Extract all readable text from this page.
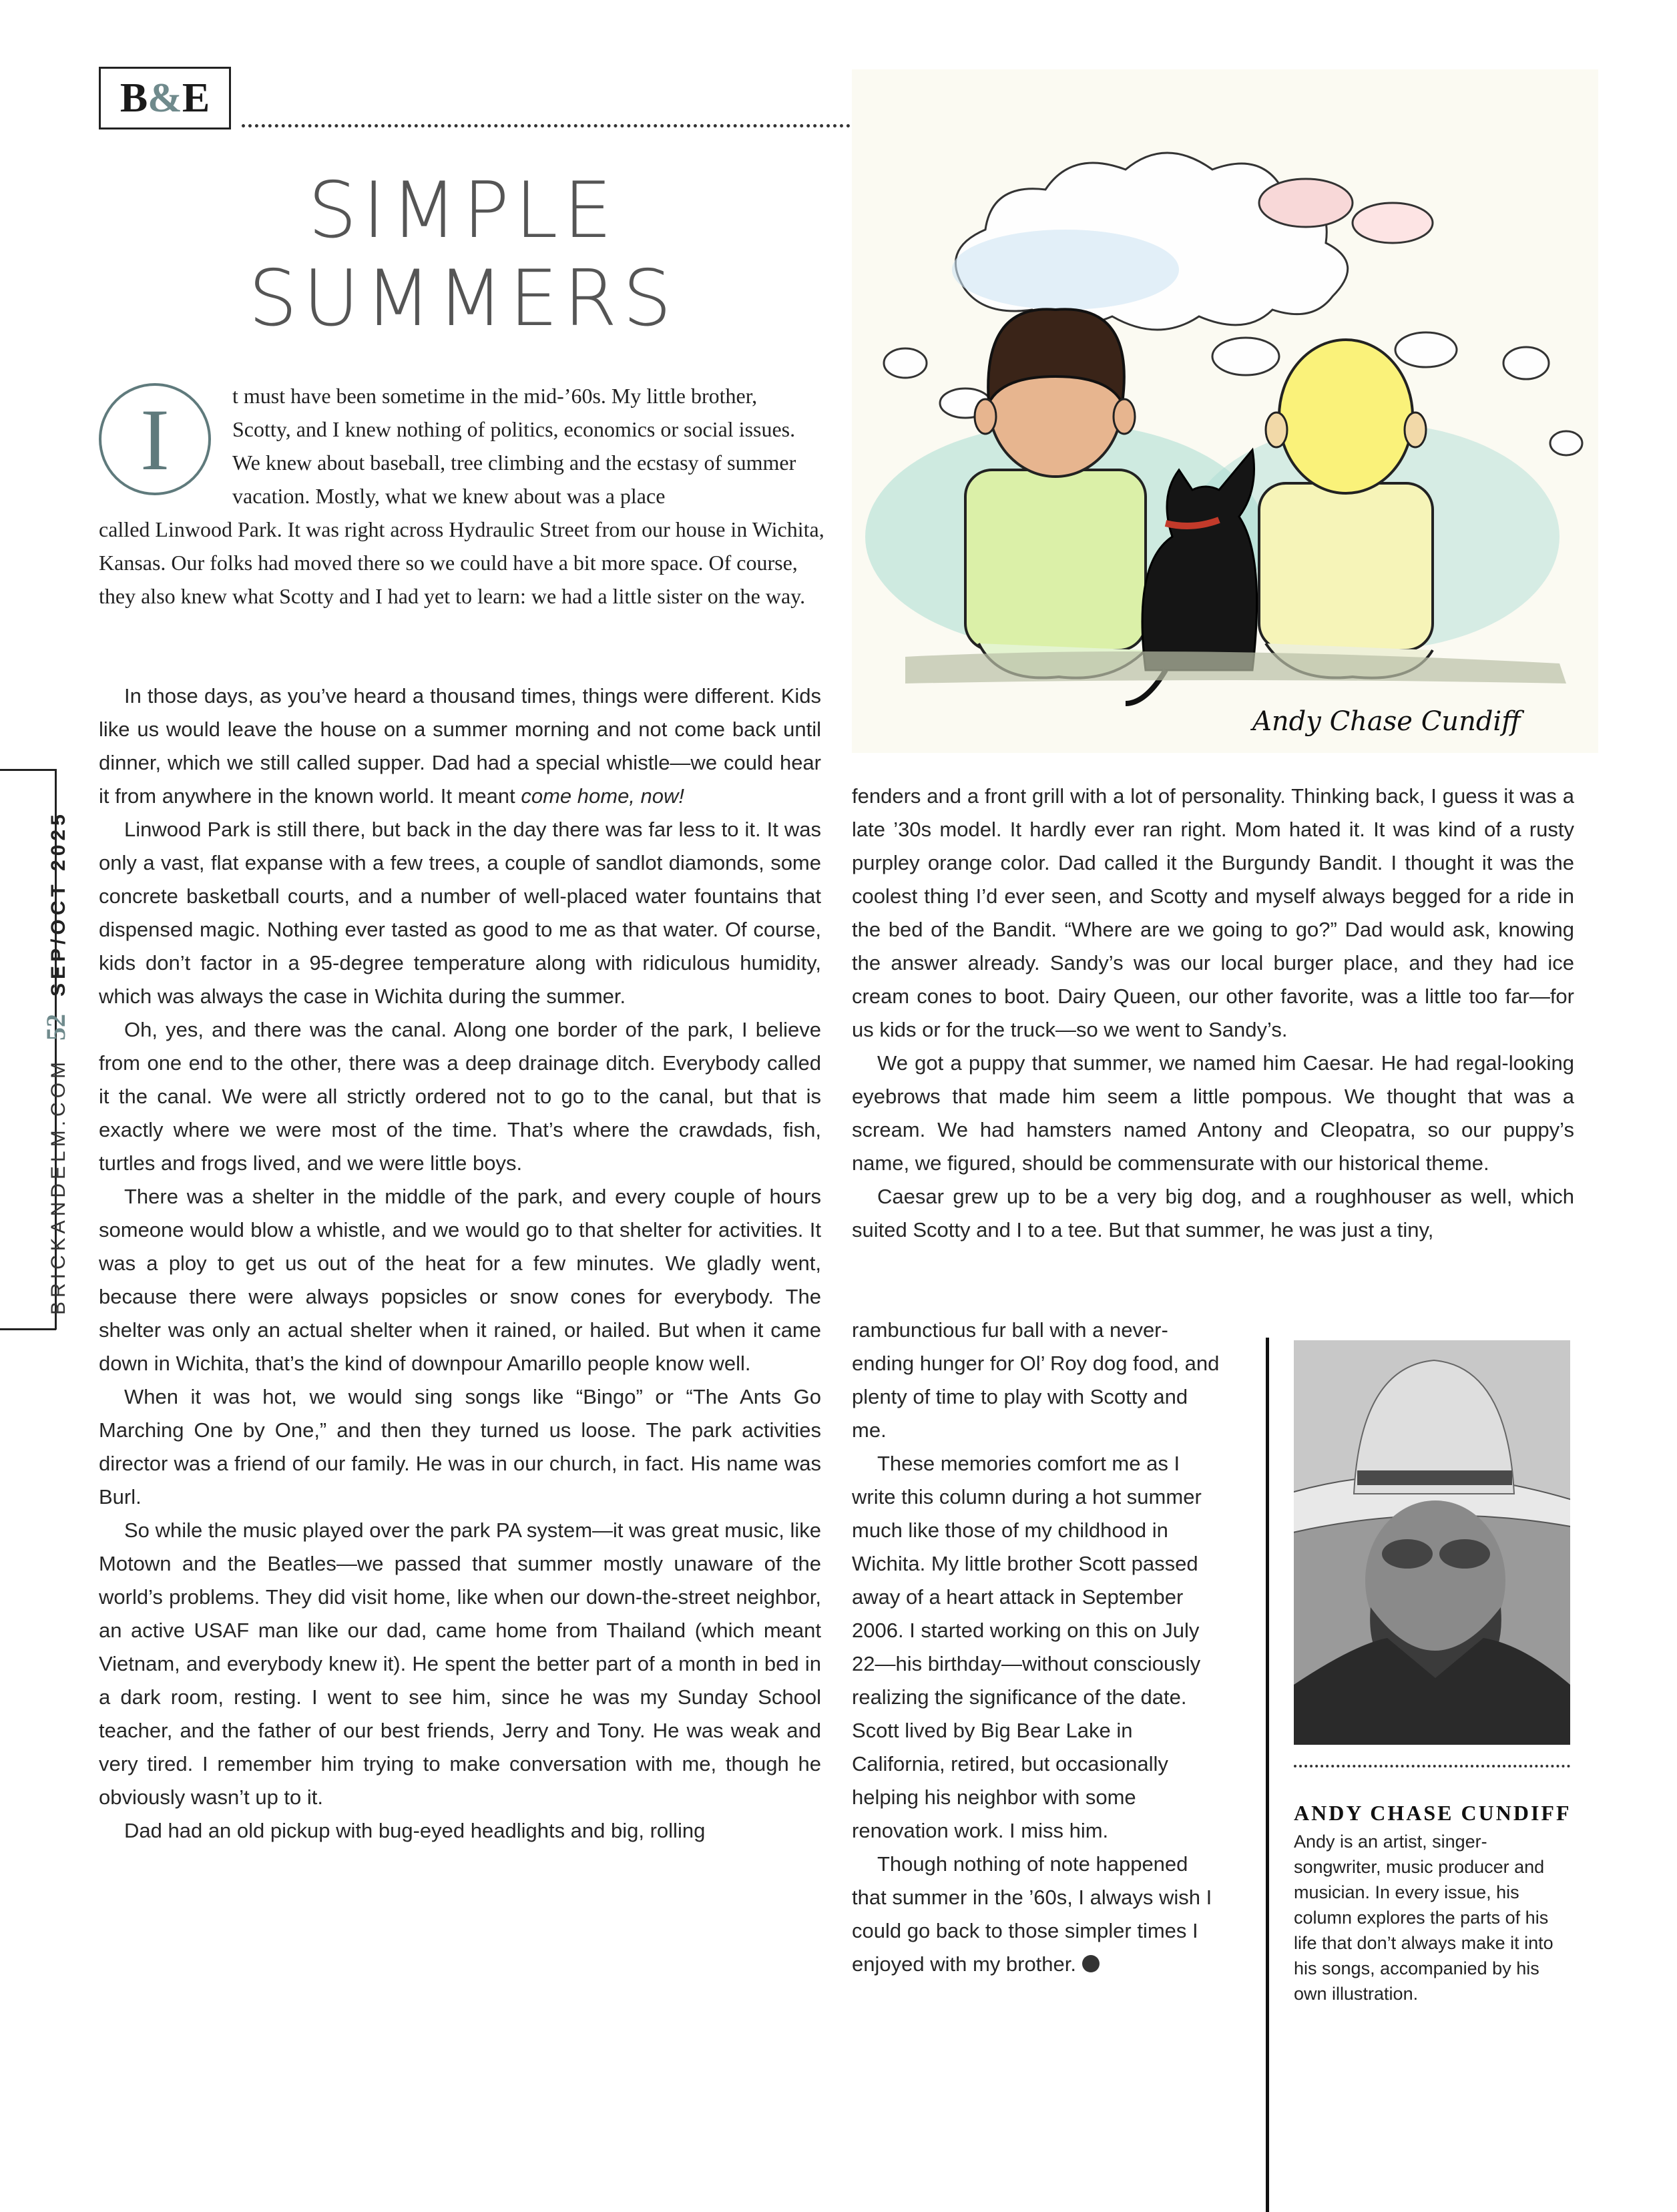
B & E
SIMPLE
SUMMERS
I	t must have been sometime in the mid-’60s. My little brother, Scotty, and I knew nothing of politics, economics or social issues. We knew about baseball, tree climbing and the ecstasy of summer vacation. Mostly, what we knew about was a place
called Linwood Park. It was right across Hydraulic Street from our house in Wichita, Kansas. Our folks had moved there so we could have a bit more space. Of course, they also knew what Scotty and I had yet to learn: we had a little sister on the way.

In those days, as you’ve heard a thousand times, things were different. Kids like us would leave the house on a summer morning and not come back until dinner, which we still called supper. Dad had a special whistle—we could hear it from anywhere in the known world. It meant come home, now!

Linwood Park is still there, but back in the day there was far less to it. It was only a vast, flat expanse with a few trees, a couple of sandlot diamonds, some concrete basketball courts, and a number of well-placed water fountains that dispensed magic. Nothing ever tasted as good to me as that water. Of course, kids don’t factor in a 95-degree temperature along with ridiculous humidity, which was always the case in Wichita during the summer.

Oh, yes, and there was the canal. Along one border of the park, I believe from one end to the other, there was a deep drainage ditch. Everybody called it the canal. We were all strictly ordered not to go to the canal, but that is exactly where we were most of the time. That’s where the crawdads, fish, turtles and frogs lived, and we were little boys.

There was a shelter in the middle of the park, and every couple of hours someone would blow a whistle, and we would go to that shelter for activities. It was a ploy to get us out of the heat for a few minutes. We gladly went, because there were always popsicles or snow cones for everybody. The shelter was only an actual shelter when it rained, or hailed. But when it came down in Wichita, that’s the kind of downpour Amarillo people know well.

When it was hot, we would sing songs like “Bingo” or “The Ants Go Marching One by One,” and then they turned us loose. The park activities director was a friend of our family. He was in our church, in fact. His name was Burl.

So while the music played over the park PA system—it was great music, like Motown and the Beatles—we passed that summer mostly unaware of the world’s problems. They did visit home, like when our down-the-street neighbor, an active USAF man like our dad, came home from Thailand (which meant Vietnam, and everybody knew it). He spent the better part of a month in bed in a dark room, resting. I went to see him, since he was my Sunday School teacher, and the father of our best friends, Jerry and Tony. He was weak and very tired. I remember him trying to make conversation with me, though he obviously wasn’t up to it.

Dad had an old pickup with bug-eyed headlights and big, rolling

Andy Chase Cundiff

fenders and a front grill with a lot of personality. Thinking back, I guess it was a late ’30s model. It hardly ever ran right. Mom hated it. It was kind of a rusty purpley orange color. Dad called it the Burgundy Bandit. I thought it was the coolest thing I’d ever seen, and Scotty and myself always begged for a ride in the bed of the Bandit. “Where are we going to go?” Dad would ask, knowing the answer already. Sandy’s was our local burger place, and they had ice cream cones to boot. Dairy Queen, our other favorite, was a little too far—for us kids or for the truck—so we went to Sandy’s.

We got a puppy that summer, we named him Caesar. He had regal-looking eyebrows that made him seem a little pompous. We thought that was a scream. We had hamsters named Antony and Cleopatra, so our puppy’s name, we figured, should be commensurate with our historical theme.

Caesar grew up to be a very big dog, and a roughhouser as well, which suited Scotty and I to a tee. But that summer, he was just a tiny,

rambunctious fur ball with a never-ending hunger for Ol’ Roy dog food, and plenty of time to play with Scotty and me.

These memories comfort me as I write this column during a hot summer much like those of my childhood in Wichita. My little brother Scott passed away of a heart attack in September 2006. I started working on this on July 22—his birthday—without consciously realizing the significance of the date. Scott lived by Big Bear Lake in California, retired, but occasionally helping his neighbor with some renovation work. I miss him.

Though nothing of note happened that summer in the ’60s, I always wish I could go back to those simpler times I enjoyed with my brother.

BRICKANDELM.COM52SEP/OCT 2025
ANDY CHASE CUNDIFF
Andy is an artist, singer-songwriter, music producer and musician. In every issue, his column explores the parts of his life that don’t always make it into his songs, accompanied by his own illustration.
